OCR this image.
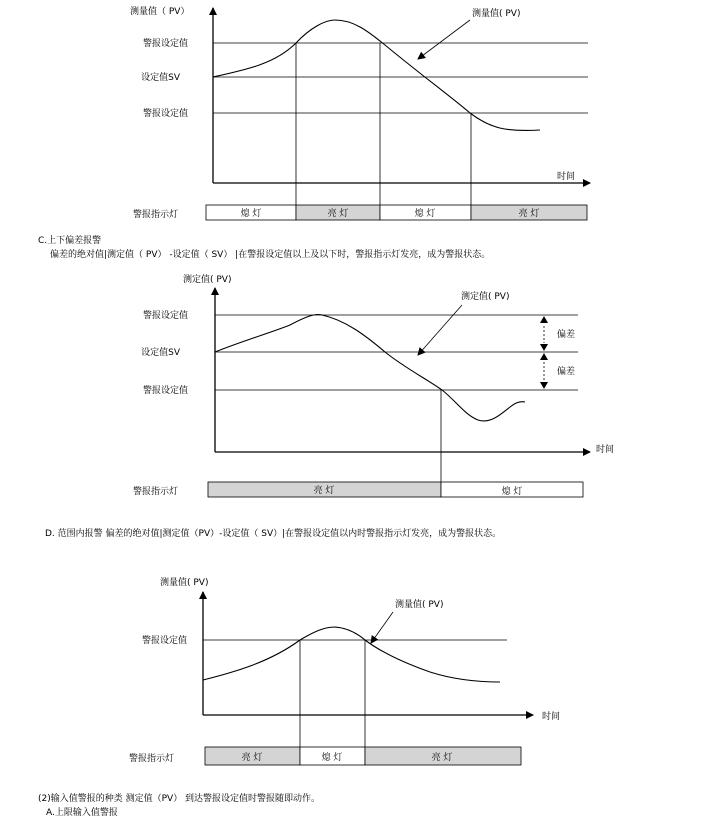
测量值（ PV）
警报设定值
设定值SV
警报设定值
测量值( PV)
时间
警报指示灯	熄 灯	亮 灯	熄 灯	亮 灯
测定值( PV)
警报设定值
设定值SV
警报设定值
测定值( PV)
偏差
偏差
时间
警报指示灯	亮 灯	熄 灯
测量值( PV)
警报设定值
测量值( PV)
时间
警报指示灯	亮 灯	熄 灯	亮 灯
C.上下偏差报警
偏差的绝对值|测定值（ PV） -设定值（ SV） |在警报设定值以上及以下时，警报指示灯发亮，成为警报状态。
D. 范围内报警 偏差的绝对值|测定值（PV）-设定值（ SV）|在警报设定值以内时警报指示灯发亮，成为警报状态。
(2)输入值警报的种类 测定值（PV） 到达警报设定值时警报随即动作。
A.上限输入值警报
